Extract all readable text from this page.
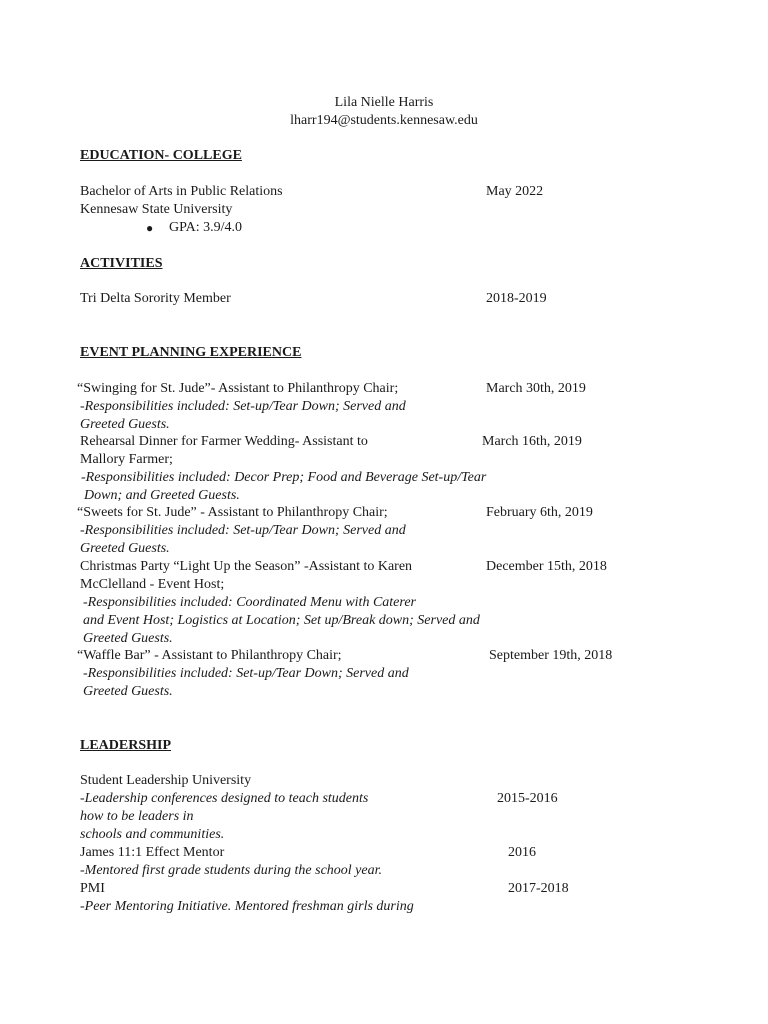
Lila Nielle Harris
lharr194@students.kennesaw.edu
EDUCATION- COLLEGE
Bachelor of Arts in Public Relations	May 2022
Kennesaw State University
● GPA: 3.9/4.0
ACTIVITIES
Tri Delta Sorority Member	2018-2019
EVENT PLANNING EXPERIENCE
“Swinging for St. Jude”- Assistant to Philanthropy Chair;	March 30th, 2019
-Responsibilities included: Set-up/Tear Down; Served and
Greeted Guests.
Rehearsal Dinner for Farmer Wedding- Assistant to	March 16th, 2019
Mallory Farmer;
-Responsibilities included: Decor Prep; Food and Beverage Set-up/Tear
Down; and Greeted Guests.
“Sweets for St. Jude” - Assistant to Philanthropy Chair;	February 6th, 2019
-Responsibilities included: Set-up/Tear Down; Served and
Greeted Guests.
Christmas Party “Light Up the Season” -Assistant to Karen	December 15th, 2018
McClelland - Event Host;
-Responsibilities included: Coordinated Menu with Caterer
and Event Host; Logistics at Location; Set up/Break down; Served and
Greeted Guests.
“Waffle Bar” - Assistant to Philanthropy Chair;	September 19th, 2018
-Responsibilities included: Set-up/Tear Down; Served and
Greeted Guests.
LEADERSHIP
Student Leadership University
-Leadership conferences designed to teach students	2015-2016
how to be leaders in
schools and communities.
James 11:1 Effect Mentor	2016
-Mentored first grade students during the school year.
PMI	2017-2018
-Peer Mentoring Initiative. Mentored freshman girls during
